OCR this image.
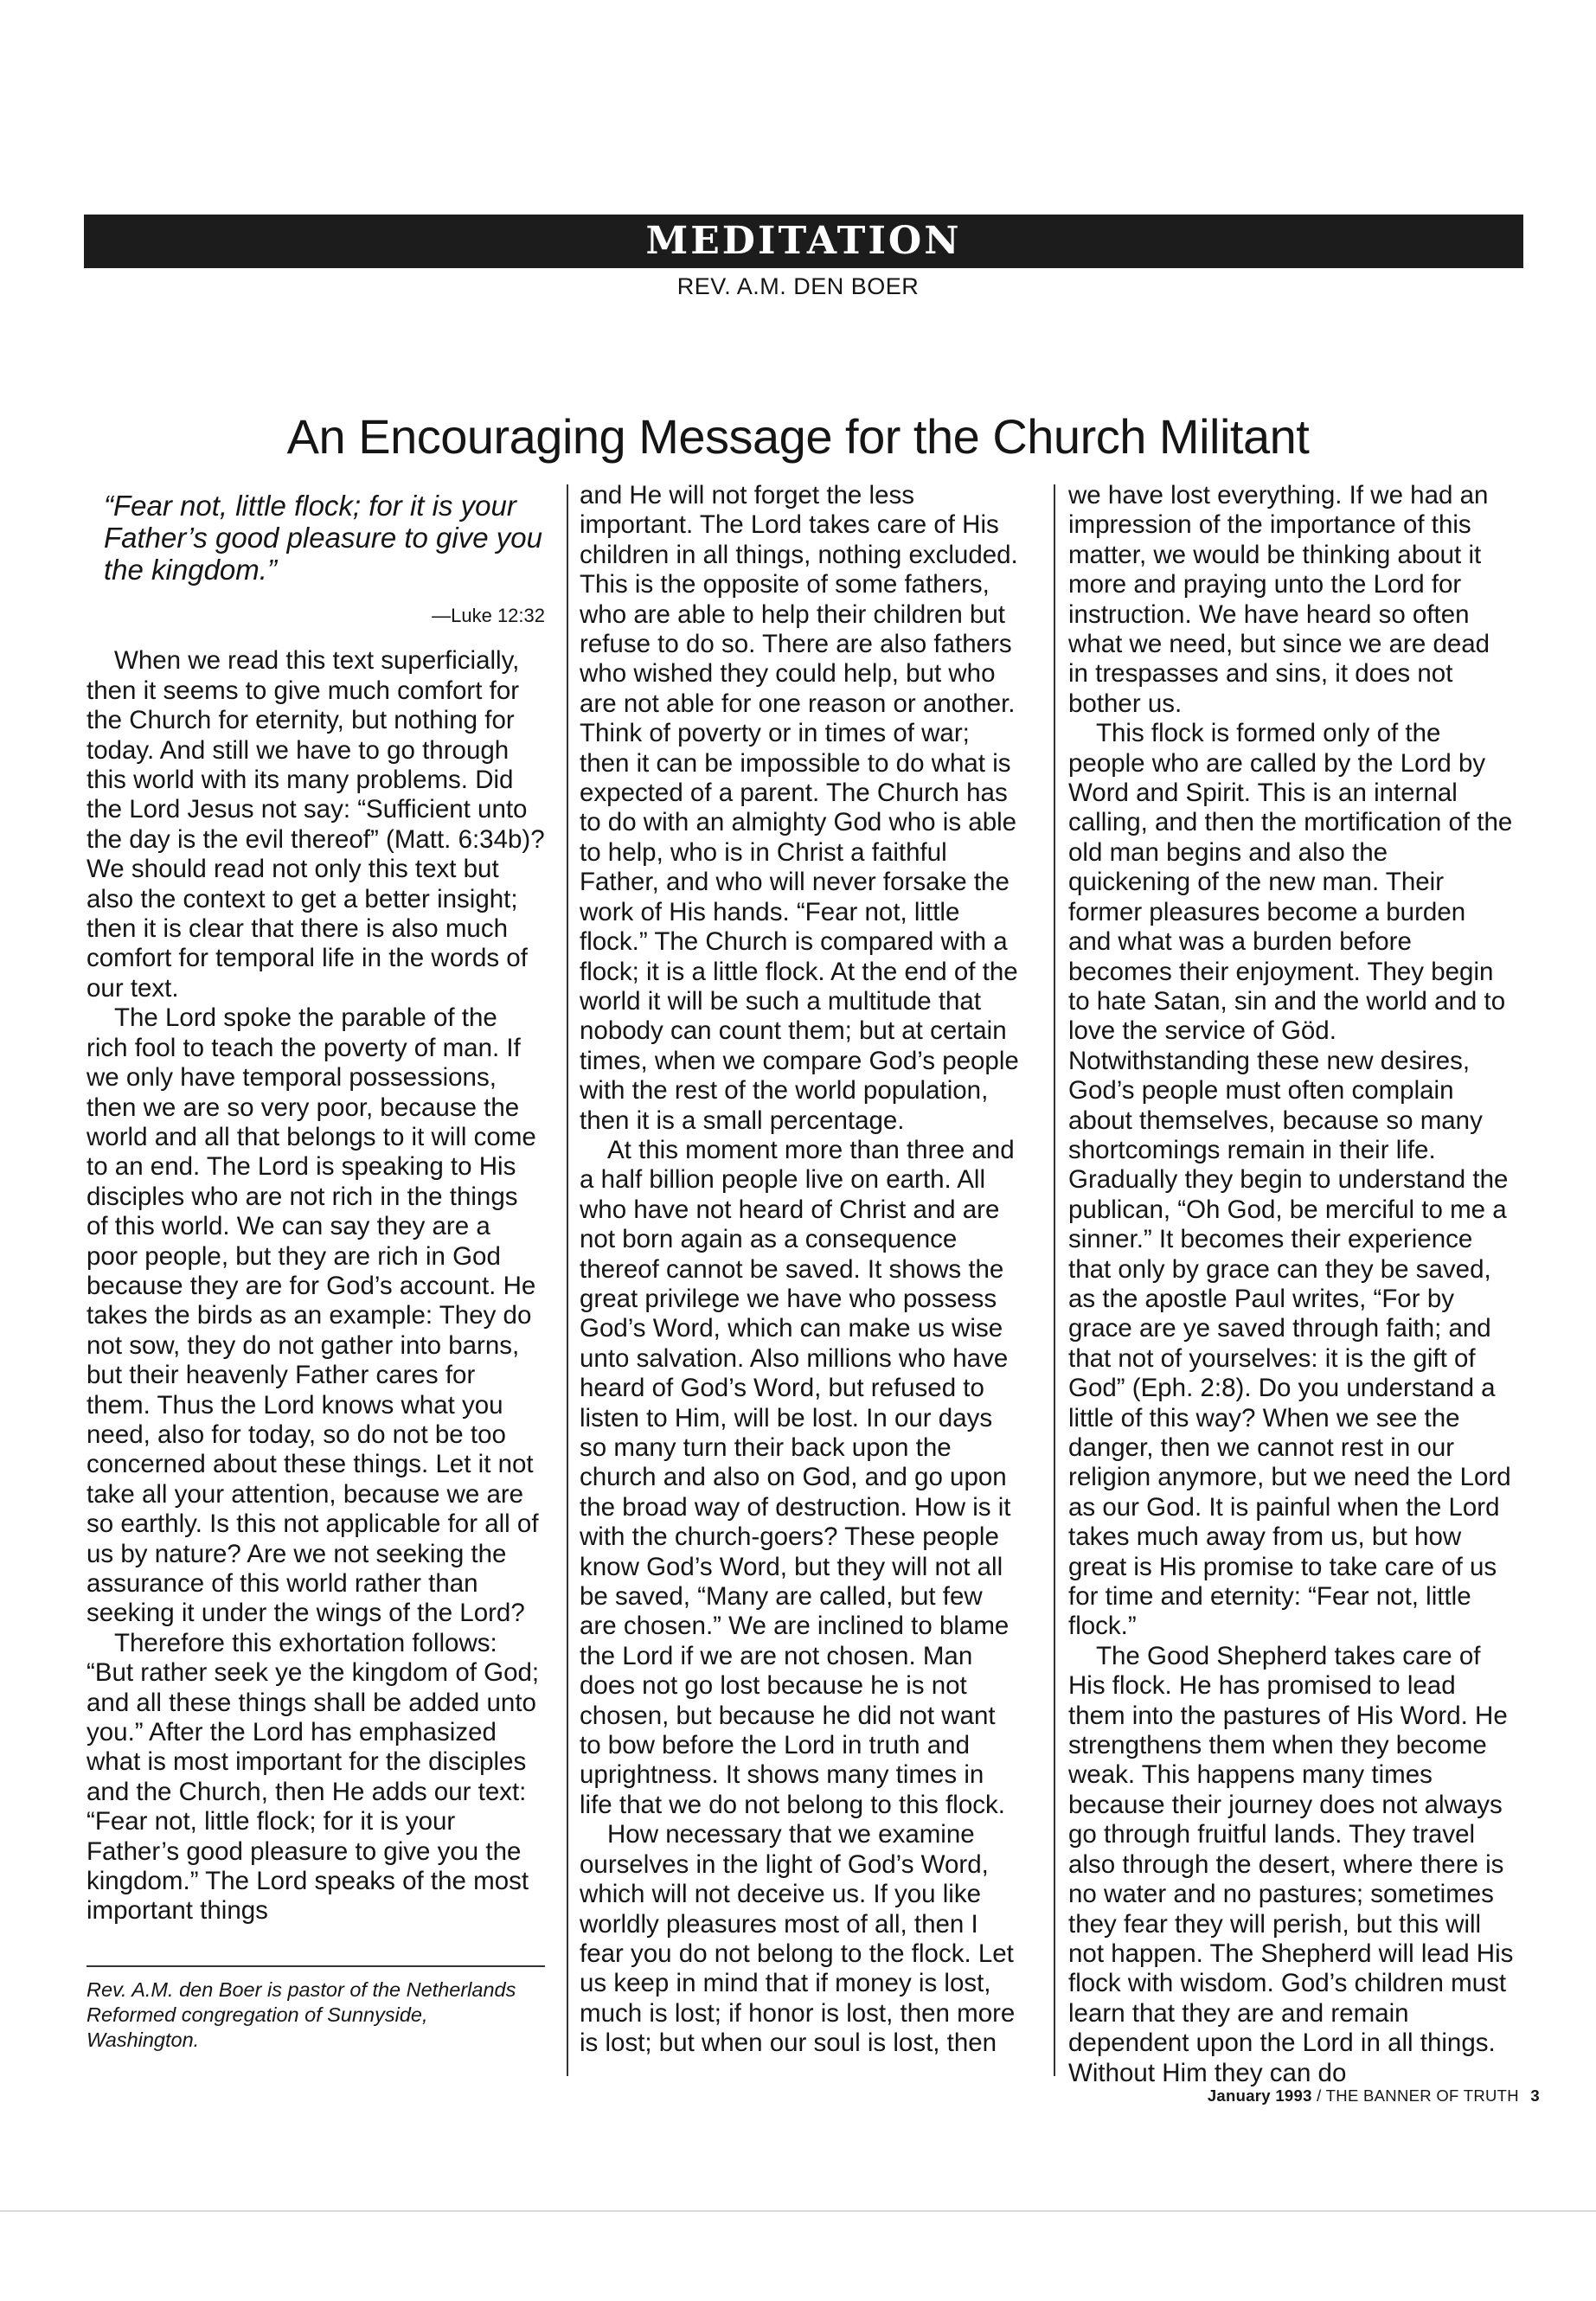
MEDITATION
REV. A.M. DEN BOER
An Encouraging Message for the Church Militant
“Fear not, little flock; for it is your Father’s good pleasure to give you the kingdom.”
—Luke 12:32

When we read this text superficially, then it seems to give much comfort for the Church for eternity, but nothing for today. And still we have to go through this world with its many problems. Did the Lord Jesus not say: “Sufficient unto the day is the evil thereof” (Matt. 6:34b)? We should read not only this text but also the context to get a better insight; then it is clear that there is also much comfort for temporal life in the words of our text.

The Lord spoke the parable of the rich fool to teach the poverty of man. If we only have temporal possessions, then we are so very poor, because the world and all that belongs to it will come to an end. The Lord is speaking to His disciples who are not rich in the things of this world. We can say they are a poor people, but they are rich in God because they are for God’s account. He takes the birds as an example: They do not sow, they do not gather into barns, but their heavenly Father cares for them. Thus the Lord knows what you need, also for today, so do not be too concerned about these things. Let it not take all your attention, because we are so earthly. Is this not applicable for all of us by nature? Are we not seeking the assurance of this world rather than seeking it under the wings of the Lord?

Therefore this exhortation follows: “But rather seek ye the kingdom of God; and all these things shall be added unto you.” After the Lord has emphasized what is most important for the disciples and the Church, then He adds our text: “Fear not, little flock; for it is your Father’s good pleasure to give you the kingdom.” The Lord speaks of the most important things

Rev. A.M. den Boer is pastor of the Netherlands Reformed congregation of Sunnyside, Washington.

and He will not forget the less important. The Lord takes care of His children in all things, nothing excluded. This is the opposite of some fathers, who are able to help their children but refuse to do so. There are also fathers who wished they could help, but who are not able for one reason or another. Think of poverty or in times of war; then it can be impossible to do what is expected of a parent. The Church has to do with an almighty God who is able to help, who is in Christ a faithful Father, and who will never forsake the work of His hands. “Fear not, little flock.” The Church is compared with a flock; it is a little flock. At the end of the world it will be such a multitude that nobody can count them; but at certain times, when we compare God’s people with the rest of the world population, then it is a small percentage.

At this moment more than three and a half billion people live on earth. All who have not heard of Christ and are not born again as a consequence thereof cannot be saved. It shows the great privilege we have who possess God’s Word, which can make us wise unto salvation. Also millions who have heard of God’s Word, but refused to listen to Him, will be lost. In our days so many turn their back upon the church and also on God, and go upon the broad way of destruction. How is it with the church-goers? These people know God’s Word, but they will not all be saved, “Many are called, but few are chosen.” We are inclined to blame the Lord if we are not chosen. Man does not go lost because he is not chosen, but because he did not want to bow before the Lord in truth and uprightness. It shows many times in life that we do not belong to this flock.

How necessary that we examine ourselves in the light of God’s Word, which will not deceive us. If you like worldly pleasures most of all, then I fear you do not belong to the flock. Let us keep in mind that if money is lost, much is lost; if honor is lost, then more is lost; but when our soul is lost, then

we have lost everything. If we had an impression of the importance of this matter, we would be thinking about it more and praying unto the Lord for instruction. We have heard so often what we need, but since we are dead in trespasses and sins, it does not bother us.

This flock is formed only of the people who are called by the Lord by Word and Spirit. This is an internal calling, and then the mortification of the old man begins and also the quickening of the new man. Their former pleasures become a burden and what was a burden before becomes their enjoyment. They begin to hate Satan, sin and the world and to love the service of Göd. Notwithstanding these new desires, God’s people must often complain about themselves, because so many shortcomings remain in their life. Gradually they begin to understand the publican, “Oh God, be merciful to me a sinner.” It becomes their experience that only by grace can they be saved, as the apostle Paul writes, “For by grace are ye saved through faith; and that not of yourselves: it is the gift of God” (Eph. 2:8). Do you understand a little of this way? When we see the danger, then we cannot rest in our religion anymore, but we need the Lord as our God. It is painful when the Lord takes much away from us, but how great is His promise to take care of us for time and eternity: “Fear not, little flock.”

The Good Shepherd takes care of His flock. He has promised to lead them into the pastures of His Word. He strengthens them when they become weak. This happens many times because their journey does not always go through fruitful lands. They travel also through the desert, where there is no water and no pastures; sometimes they fear they will perish, but this will not happen. The Shepherd will lead His flock with wisdom. God’s children must learn that they are and remain dependent upon the Lord in all things. Without Him they can do

January 1993 / THE BANNER OF TRUTH 3
